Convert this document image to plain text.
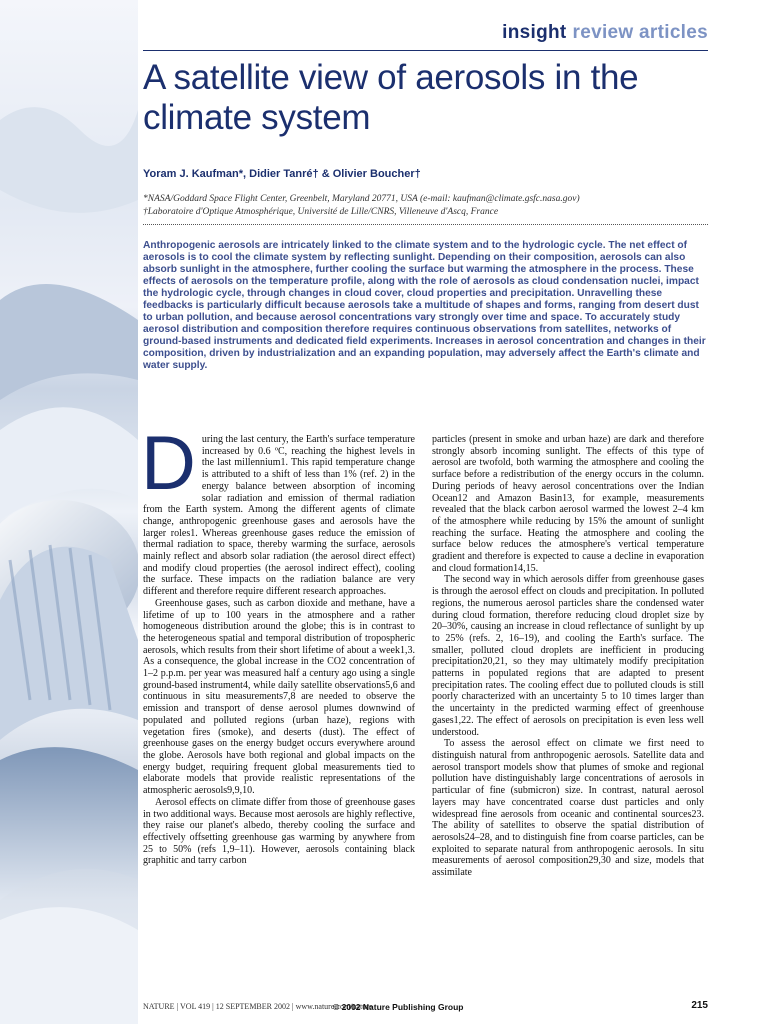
insight review articles
A satellite view of aerosols in the climate system
Yoram J. Kaufman*, Didier Tanré† & Olivier Boucher†
*NASA/Goddard Space Flight Center, Greenbelt, Maryland 20771, USA (e-mail: kaufman@climate.gsfc.nasa.gov)
†Laboratoire d'Optique Atmosphérique, Université de Lille/CNRS, Villeneuve d'Ascq, France

Anthropogenic aerosols are intricately linked to the climate system and to the hydrologic cycle. The net effect of aerosols is to cool the climate system by reflecting sunlight. Depending on their composition, aerosols can also absorb sunlight in the atmosphere, further cooling the surface but warming the atmosphere in the process. These effects of aerosols on the temperature profile, along with the role of aerosols as cloud condensation nuclei, impact the hydrologic cycle, through changes in cloud cover, cloud properties and precipitation. Unravelling these feedbacks is particularly difficult because aerosols take a multitude of shapes and forms, ranging from desert dust to urban pollution, and because aerosol concentrations vary strongly over time and space. To accurately study aerosol distribution and composition therefore requires continuous observations from satellites, networks of ground-based instruments and dedicated field experiments. Increases in aerosol concentration and changes in their composition, driven by industrialization and an expanding population, may adversely affect the Earth's climate and water supply.

D uring the last century, the Earth's surface temperature increased by 0.6 ºC, reaching the highest levels in the last millennium1. This rapid temperature change is attributed to a shift of less than 1% (ref. 2) in the energy balance between absorption of incoming solar radiation and emission of thermal radiation from the Earth system. Among the different agents of climate change, anthropogenic greenhouse gases and aerosols have the larger roles1. Whereas greenhouse gases reduce the emission of thermal radiation to space, thereby warming the surface, aerosols mainly reflect and absorb solar radiation (the aerosol direct effect) and modify cloud properties (the aerosol indirect effect), cooling the surface. These impacts on the radiation balance are very different and therefore require different research approaches.

Greenhouse gases, such as carbon dioxide and methane, have a lifetime of up to 100 years in the atmosphere and a rather homogeneous distribution around the globe; this is in contrast to the heterogeneous spatial and temporal distribution of tropospheric aerosols, which results from their short lifetime of about a week1,3. As a consequence, the global increase in the CO2 concentration of 1–2 p.p.m. per year was measured half a century ago using a single ground-based instrument4, while daily satellite observations5,6 and continuous in situ measurements7,8 are needed to observe the emission and transport of dense aerosol plumes downwind of populated and polluted regions (urban haze), regions with vegetation fires (smoke), and deserts (dust). The effect of greenhouse gases on the energy budget occurs everywhere around the globe. Aerosols have both regional and global impacts on the energy budget, requiring frequent global measurements tied to elaborate models that provide realistic representations of the atmospheric aerosols9,9,10.

Aerosol effects on climate differ from those of greenhouse gases in two additional ways. Because most aerosols are highly reflective, they raise our planet's albedo, thereby cooling the surface and effectively offsetting greenhouse gas warming by anywhere from 25 to 50% (refs 1,9–11). However, aerosols containing black graphitic and tarry carbon

particles (present in smoke and urban haze) are dark and therefore strongly absorb incoming sunlight. The effects of this type of aerosol are twofold, both warming the atmosphere and cooling the surface before a redistribution of the energy occurs in the column. During periods of heavy aerosol concentrations over the Indian Ocean12 and Amazon Basin13, for example, measurements revealed that the black carbon aerosol warmed the lowest 2–4 km of the atmosphere while reducing by 15% the amount of sunlight reaching the surface. Heating the atmosphere and cooling the surface below reduces the atmosphere's vertical temperature gradient and therefore is expected to cause a decline in evaporation and cloud formation14,15.

The second way in which aerosols differ from greenhouse gases is through the aerosol effect on clouds and precipitation. In polluted regions, the numerous aerosol particles share the condensed water during cloud formation, therefore reducing cloud droplet size by 20–30%, causing an increase in cloud reflectance of sunlight by up to 25% (refs. 2, 16–19), and cooling the Earth's surface. The smaller, polluted cloud droplets are inefficient in producing precipitation20,21, so they may ultimately modify precipitation patterns in populated regions that are adapted to present precipitation rates. The cooling effect due to polluted clouds is still poorly characterized with an uncertainty 5 to 10 times larger than the uncertainty in the predicted warming effect of greenhouse gases1,22. The effect of aerosols on precipitation is even less well understood.

To assess the aerosol effect on climate we first need to distinguish natural from anthropogenic aerosols. Satellite data and aerosol transport models show that plumes of smoke and regional pollution have distinguishably large concentrations of aerosols in particular of fine (submicron) size. In contrast, natural aerosol layers may have concentrated coarse dust particles and only widespread fine aerosols from oceanic and continental sources23. The ability of satellites to observe the spatial distribution of aerosols24–28, and to distinguish fine from coarse particles, can be exploited to separate natural from anthropogenic aerosols. In situ measurements of aerosol composition29,30 and size, models that assimilate

NATURE | VOL 419 | 12 SEPTEMBER 2002 | www.nature.com/nature
© 2002 Nature Publishing Group	215
